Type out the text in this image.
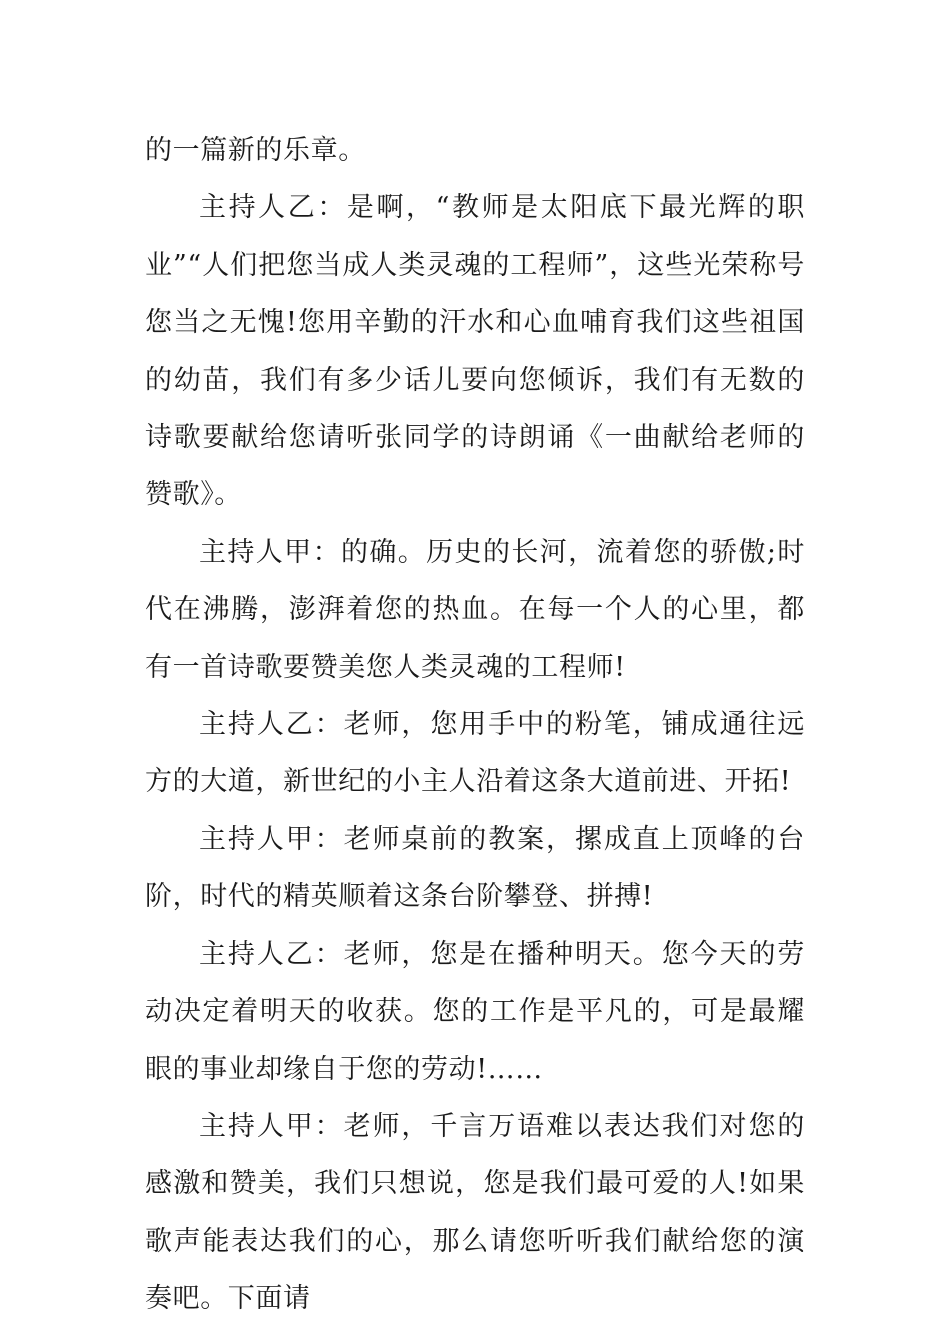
的一篇新的乐章。

主持人乙：是啊，“教师是太阳底下最光辉的职业”“人们把您当成人类灵魂的工程师”，这些光荣称号您当之无愧!您用辛勤的汗水和心血哺育我们这些祖国的幼苗，我们有多少话儿要向您倾诉，我们有无数的诗歌要献给您请听张同学的诗朗诵《一曲献给老师的赞歌》。

主持人甲：的确。历史的长河，流着您的骄傲;时代在沸腾，澎湃着您的热血。在每一个人的心里，都有一首诗歌要赞美您人类灵魂的工程师!

主持人乙：老师，您用手中的粉笔，铺成通往远方的大道，新世纪的小主人沿着这条大道前进、开拓!

主持人甲：老师桌前的教案，摞成直上顶峰的台阶，时代的精英顺着这条台阶攀登、拼搏!

主持人乙：老师，您是在播种明天。您今天的劳动决定着明天的收获。您的工作是平凡的，可是最耀眼的事业却缘自于您的劳动!……

主持人甲：老师，千言万语难以表达我们对您的感激和赞美，我们只想说，您是我们最可爱的人!如果歌声能表达我们的心，那么请您听听我们献给您的演奏吧。下面请
